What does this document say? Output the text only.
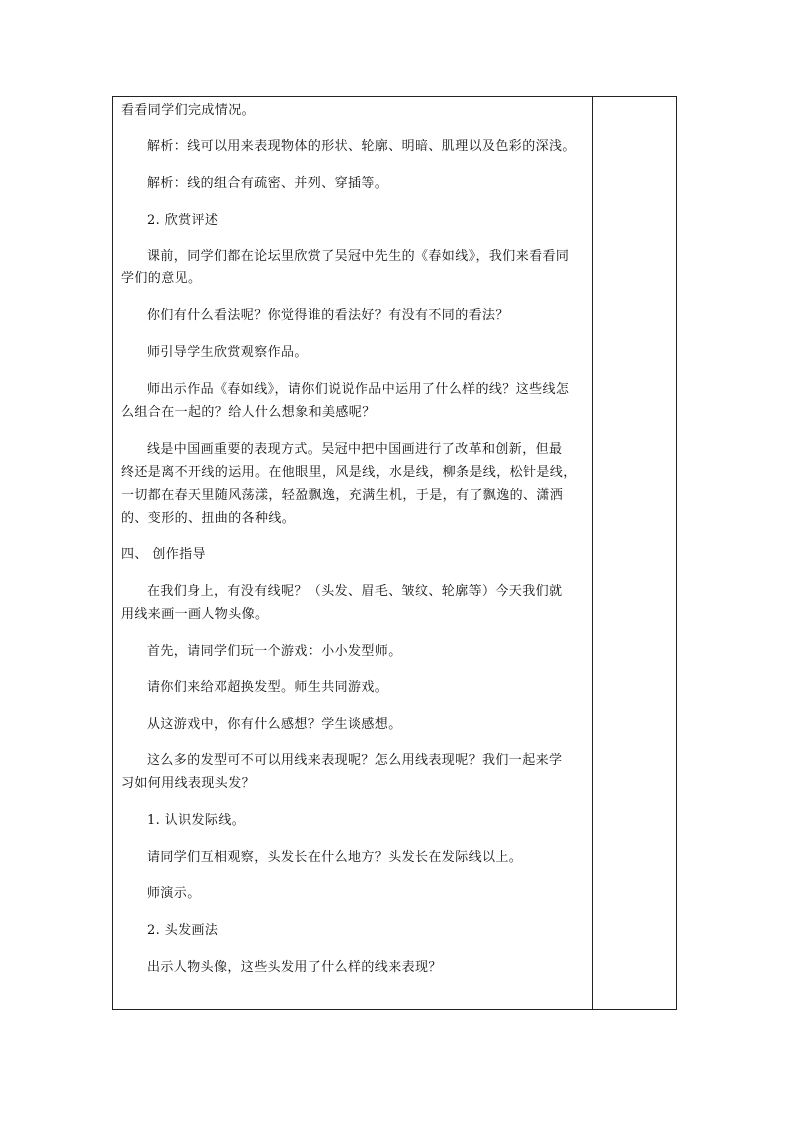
看看同学们完成情况。
解析：线可以用来表现物体的形状、轮廓、明暗、肌理以及色彩的深浅。
解析：线的组合有疏密、并列、穿插等。
2. 欣赏评述
课前，同学们都在论坛里欣赏了吴冠中先生的《春如线》，我们来看看同
学们的意见。
你们有什么看法呢？你觉得谁的看法好？有没有不同的看法？
师引导学生欣赏观察作品。
师出示作品《春如线》，请你们说说作品中运用了什么样的线？这些线怎
么组合在一起的？给人什么想象和美感呢？
线是中国画重要的表现方式。吴冠中把中国画进行了改革和创新，但最
终还是离不开线的运用。在他眼里，风是线，水是线，柳条是线，松针是线，
一切都在春天里随风荡漾，轻盈飘逸，充满生机，于是，有了飘逸的、潇洒
的、变形的、扭曲的各种线。
四、 创作指导
在我们身上，有没有线呢？（头发、眉毛、皱纹、轮廓等）今天我们就
用线来画一画人物头像。
首先，请同学们玩一个游戏：小小发型师。
请你们来给邓超换发型。师生共同游戏。
从这游戏中，你有什么感想？学生谈感想。
这么多的发型可不可以用线来表现呢？怎么用线表现呢？我们一起来学
习如何用线表现头发？
1. 认识发际线。
请同学们互相观察，头发长在什么地方？头发长在发际线以上。
师演示。
2. 头发画法
出示人物头像，这些头发用了什么样的线来表现？
